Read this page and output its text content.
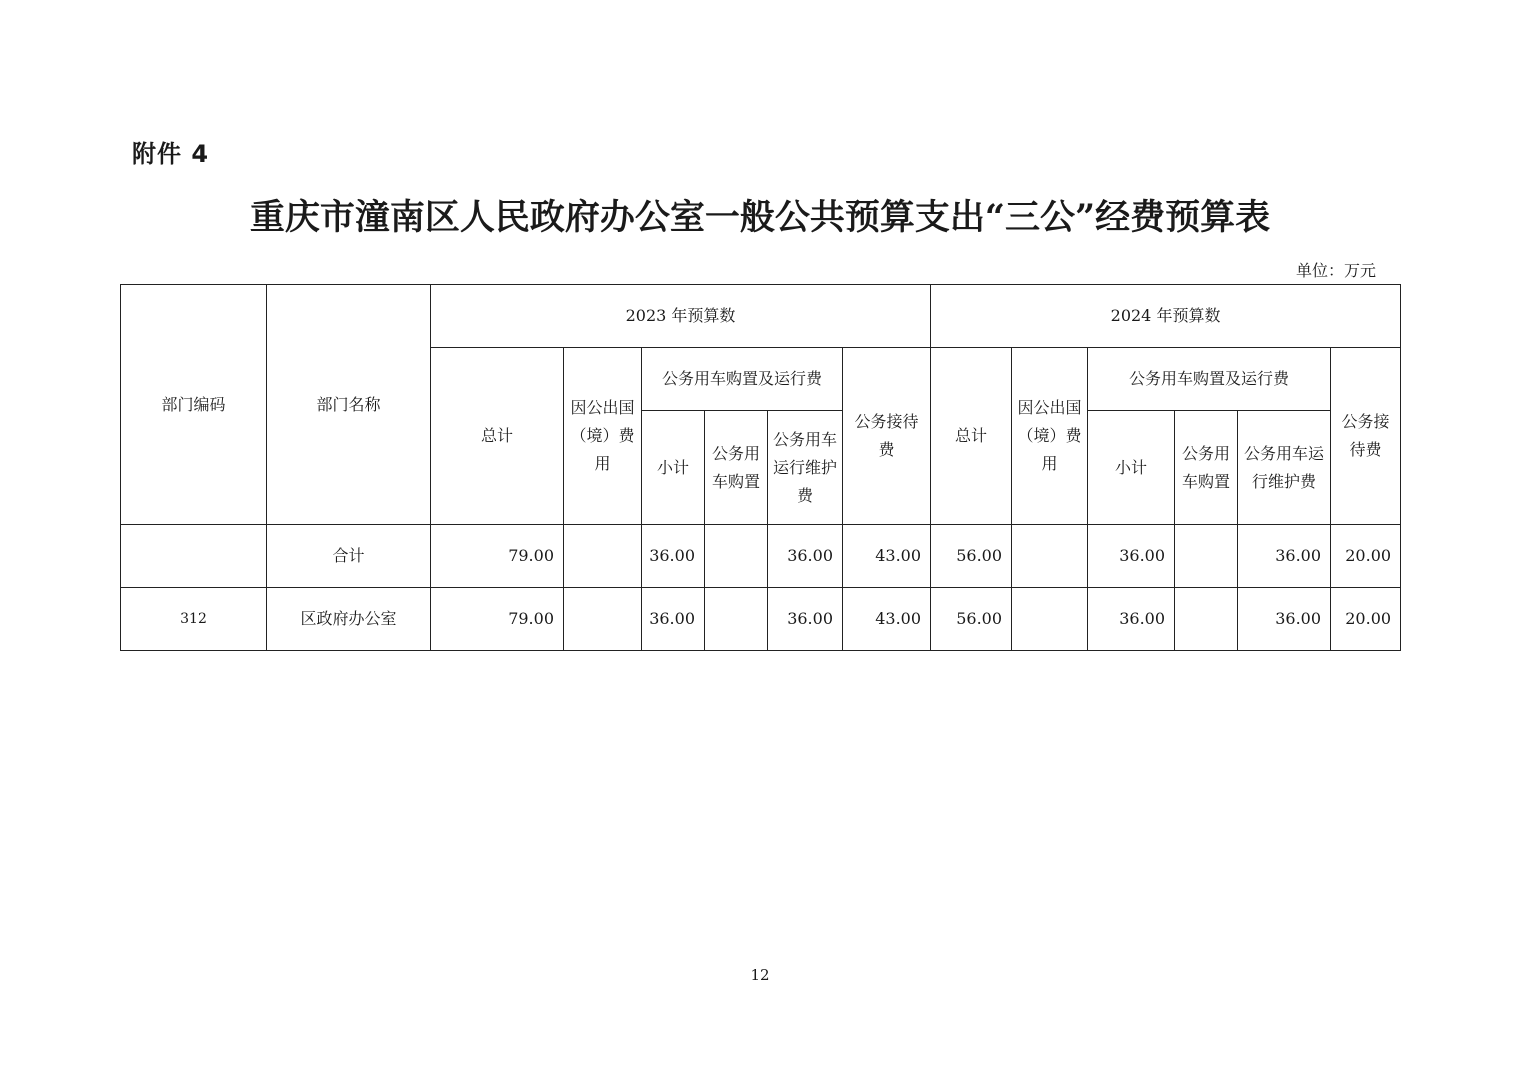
附件 4
重庆市潼南区人民政府办公室一般公共预算支出“三公”经费预算表
单位：万元
部门编码	部门名称	2023 年预算数						2024 年预算数					
		总计	因公出国（境）费用	公务用车购置及运行费			公务接待费	总计	因公出国（境）费用	公务用车购置及运行费			公务接待费
				小计	公务用车购置	公务用车运行维护费				小计	公务用车购置	公务用车运行维护费	
	合计	79.00		36.00		36.00	43.00	56.00		36.00		36.00	20.00
312	区政府办公室	79.00		36.00		36.00	43.00	56.00		36.00		36.00	20.00
12
